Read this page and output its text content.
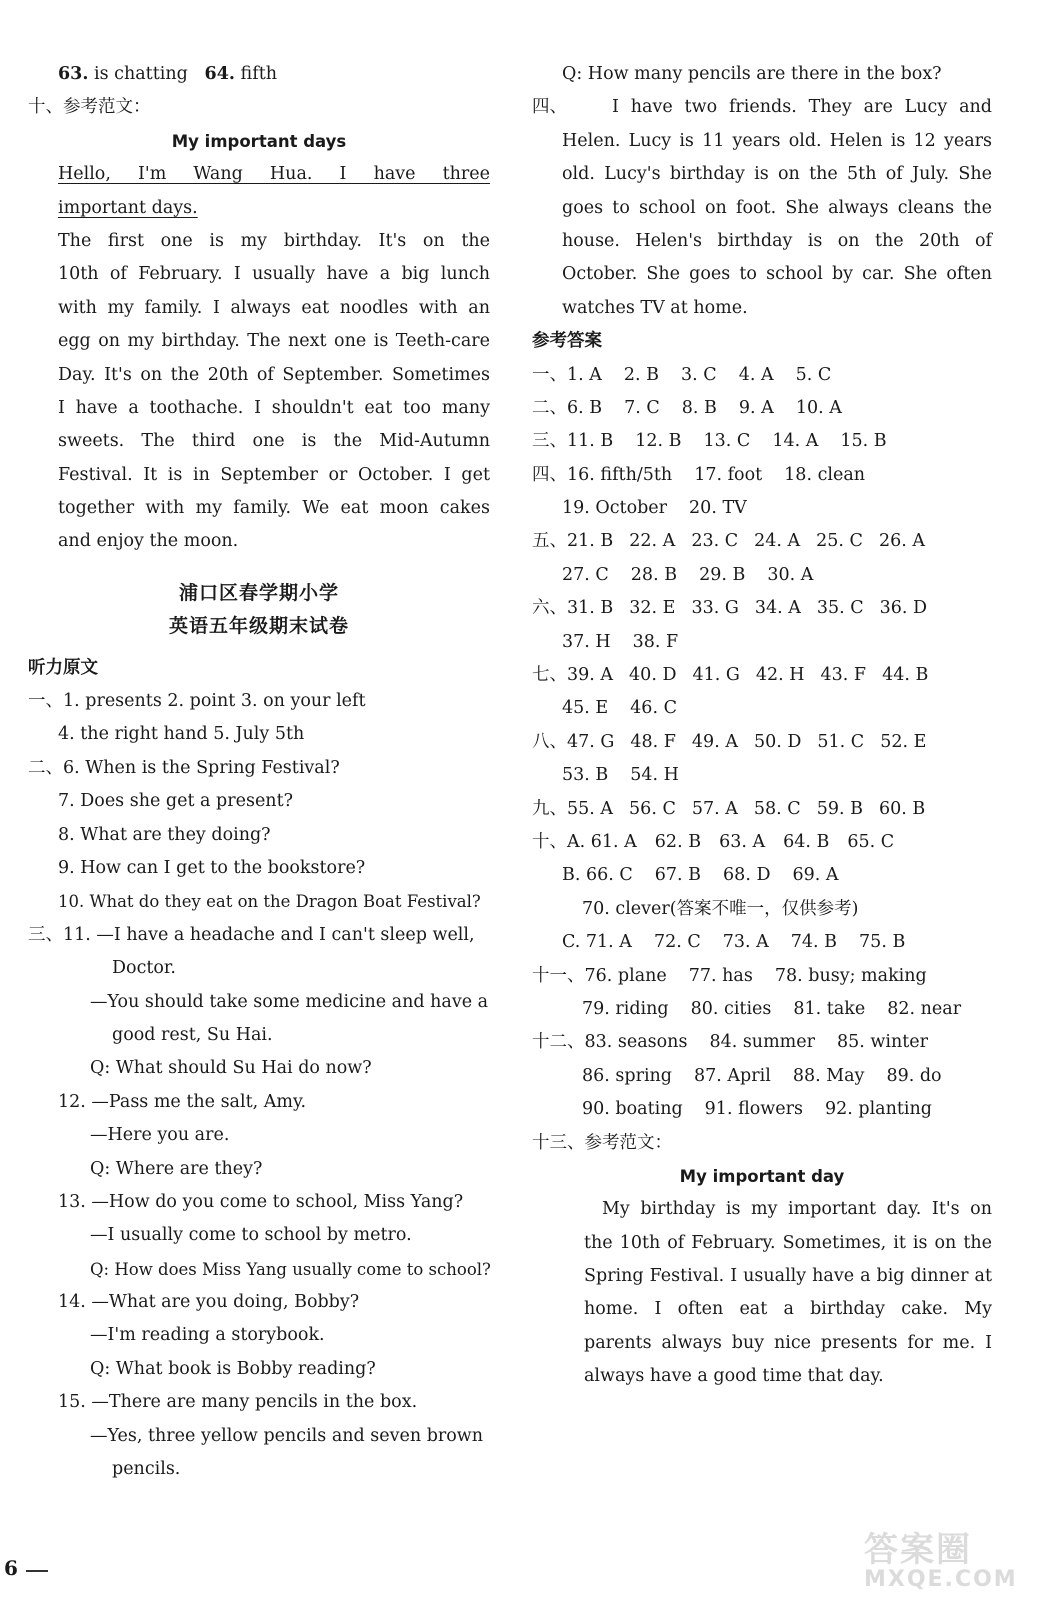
63. is chatting 64. fifth
十、参考范文：
My important days
Hello, I'm Wang Hua. I have three
important days.
The first one is my birthday. It's on the
10th of February. I usually have a big lunch
with my family. I always eat noodles with an
egg on my birthday. The next one is Teeth-care
Day. It's on the 20th of September. Sometimes
I have a toothache. I shouldn't eat too many
sweets. The third one is the Mid-Autumn
Festival. It is in September or October. I get
together with my family. We eat moon cakes
and enjoy the moon.
浦口区春学期小学
英语五年级期末试卷
听力原文
一、1. presents 2. point 3. on your left
4. the right hand 5. July 5th
二、6. When is the Spring Festival?
7. Does she get a present?
8. What are they doing?
9. How can I get to the bookstore?
10. What do they eat on the Dragon Boat Festival?
三、11. —I have a headache and I can't sleep well,
Doctor.
—You should take some medicine and have a
good rest, Su Hai.
Q: What should Su Hai do now?
12. —Pass me the salt, Amy.
—Here you are.
Q: Where are they?
13. —How do you come to school, Miss Yang?
—I usually come to school by metro.
Q: How does Miss Yang usually come to school?
14. —What are you doing, Bobby?
—I'm reading a storybook.
Q: What book is Bobby reading?
15. —There are many pencils in the box.
—Yes, three yellow pencils and seven brown
pencils.
Q: How many pencils are there in the box?
四、	I have two friends. They are Lucy and
Helen. Lucy is 11 years old. Helen is 12 years
old. Lucy's birthday is on the 5th of July. She
goes to school on foot. She always cleans the
house. Helen's birthday is on the 20th of
October. She goes to school by car. She often
watches TV at home.
参考答案
一、1. A 2. B 3. C 4. A 5. C
二、6. B 7. C 8. B 9. A 10. A
三、11. B 12. B 13. C 14. A 15. B
四、16. fifth/5th 17. foot 18. clean
19. October 20. TV
五、21. B 22. A 23. C 24. A 25. C 26. A
27. C 28. B 29. B 30. A
六、31. B 32. E 33. G 34. A 35. C 36. D
37. H 38. F
七、39. A 40. D 41. G 42. H 43. F 44. B
45. E 46. C
八、47. G 48. F 49. A 50. D 51. C 52. E
53. B 54. H
九、55. A 56. C 57. A 58. C 59. B 60. B
十、A. 61. A 62. B 63. A 64. B 65. C
B. 66. C 67. B 68. D 69. A
70. clever(答案不唯一，仅供参考)
C. 71. A 72. C 73. A 74. B 75. B
十一、76. plane 77. has 78. busy; making
79. riding 80. cities 81. take 82. near
十二、83. seasons 84. summer 85. winter
86. spring 87. April 88. May 89. do
90. boating 91. flowers 92. planting
十三、参考范文：
My important day
My birthday is my important day. It's on
the 10th of February. Sometimes, it is on the
Spring Festival. I usually have a big dinner at
home. I often eat a birthday cake. My
parents always buy nice presents for me. I
always have a good time that day.
6	答案圈
MXQE.COM
